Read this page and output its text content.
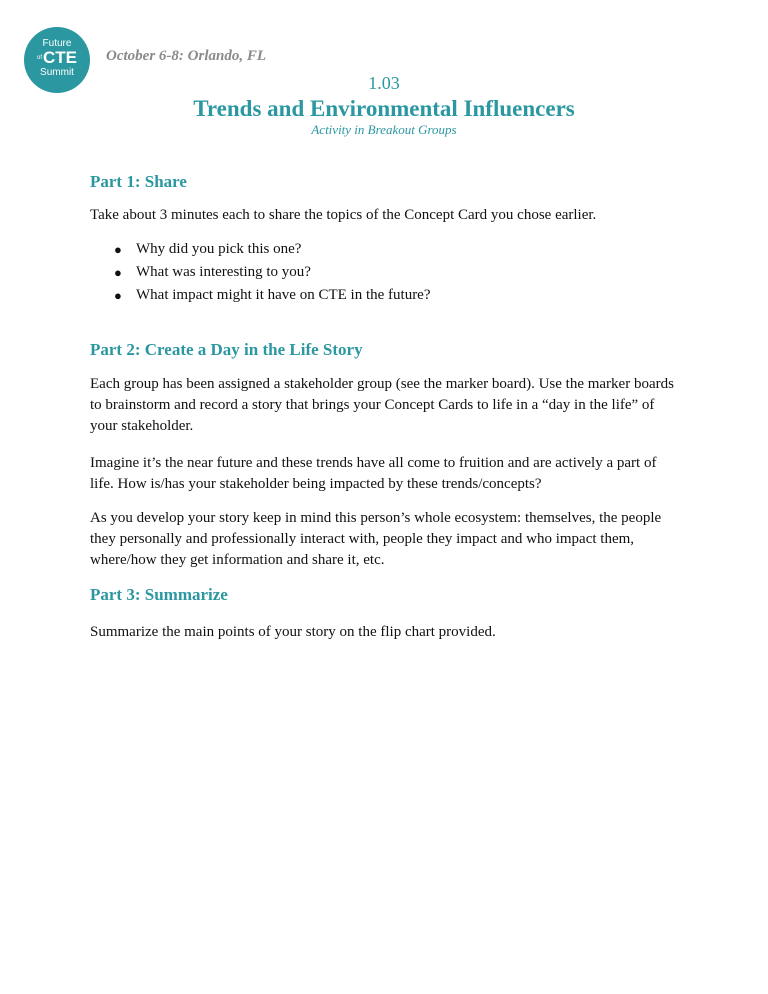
Future
ofCTE
Summit
October 6-8: Orlando, FL
1.03
Trends and Environmental Influencers
Activity in Breakout Groups
Part 1: Share

Take about 3 minutes each to share the topics of the Concept Card you chose earlier.

● Why did you pick this one?
● What was interesting to you?
● What impact might it have on CTE in the future?
Part 2: Create a Day in the Life Story

Each group has been assigned a stakeholder group (see the marker board). Use the marker boards to brainstorm and record a story that brings your Concept Cards to life in a “day in the life” of your stakeholder.

Imagine it’s the near future and these trends have all come to fruition and are actively a part of life. How is/has your stakeholder being impacted by these trends/concepts?

As you develop your story keep in mind this person’s whole ecosystem: themselves, the people they personally and professionally interact with, people they impact and who impact them, where/how they get information and share it, etc.

Part 3: Summarize

Summarize the main points of your story on the flip chart provided.
